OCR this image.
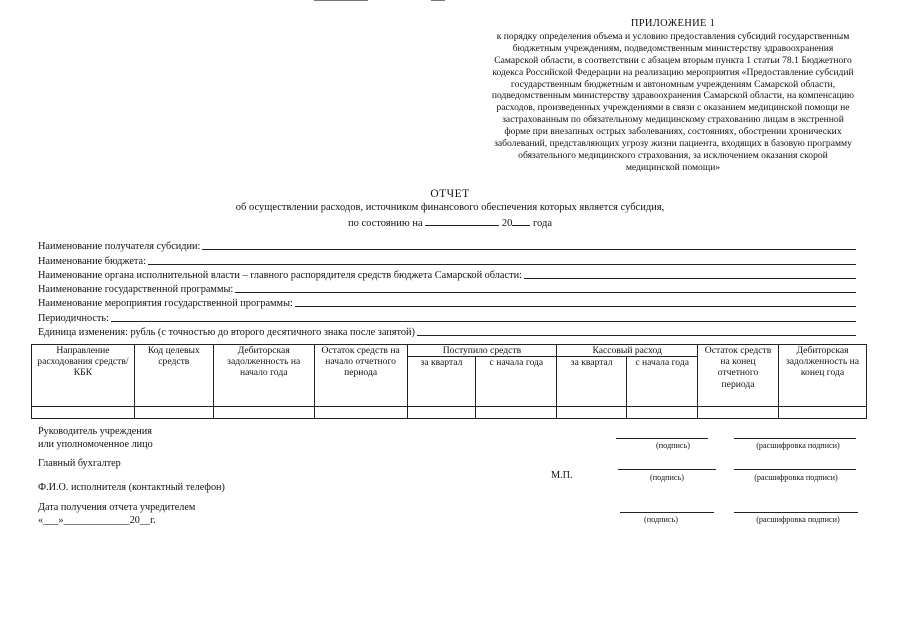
ПРИЛОЖЕНИЕ 1
к порядку определения объема и условию предоставления субсидий государственным
бюджетным учреждениям, подведомственным министерству здравоохранения
Самарской области, в соответствии с абзацем вторым пункта 1 статьи 78.1 Бюджетного
кодекса Российской Федерации на реализацию мероприятия «Предоставление субсидий
государственным бюджетным и автономным учреждениям Самарской области,
подведомственным министерству здравоохранения Самарской области, на компенсацию
расходов, произведенных учреждениями в связи с оказанием медицинской помощи не
застрахованным по обязательному медицинскому страхованию лицам в экстренной
форме при внезапных острых заболеваниях, состояниях, обострении хронических
заболеваний, представляющих угрозу жизни пациента, входящих в базовую программу
обязательного медицинского страхования, за исключением оказания скорой
медицинской помощи»
ОТЧЕТ
об осуществлении расходов, источником финансового обеспечения которых является субсидия,
по состоянию на	20 года
Наименование получателя субсидии:
Наименование бюджета:
Наименование органа исполнительной власти – главного распорядителя средств бюджета Самарской области:
Наименование государственной программы:
Наименование мероприятия государственной программы:
Периодичность:
Единица изменения: рубль (с точностью до второго десятичного знака после запятой)
Направление расходования средств/КБК	Код целевых средств	Дебиторская задолженность на начало года	Остаток средств на начало отчетного периода	Поступило средств		Кассовый расход		Остаток средств на конец отчетного периода	Дебиторская задолженность на конец года
				за квартал	с начала года	за квартал	с начала года		

Руководитель учреждения
или уполномоченное лицо	(подпись)	(расшифровка подписи)
Главный бухгалтер
М.П.	(подпись)	(расшифровка подписи)
Ф.И.О. исполнителя (контактный телефон)
Дата получения отчета учредителем
«___»_____________20__г.	(подпись)	(расшифровка подписи)
